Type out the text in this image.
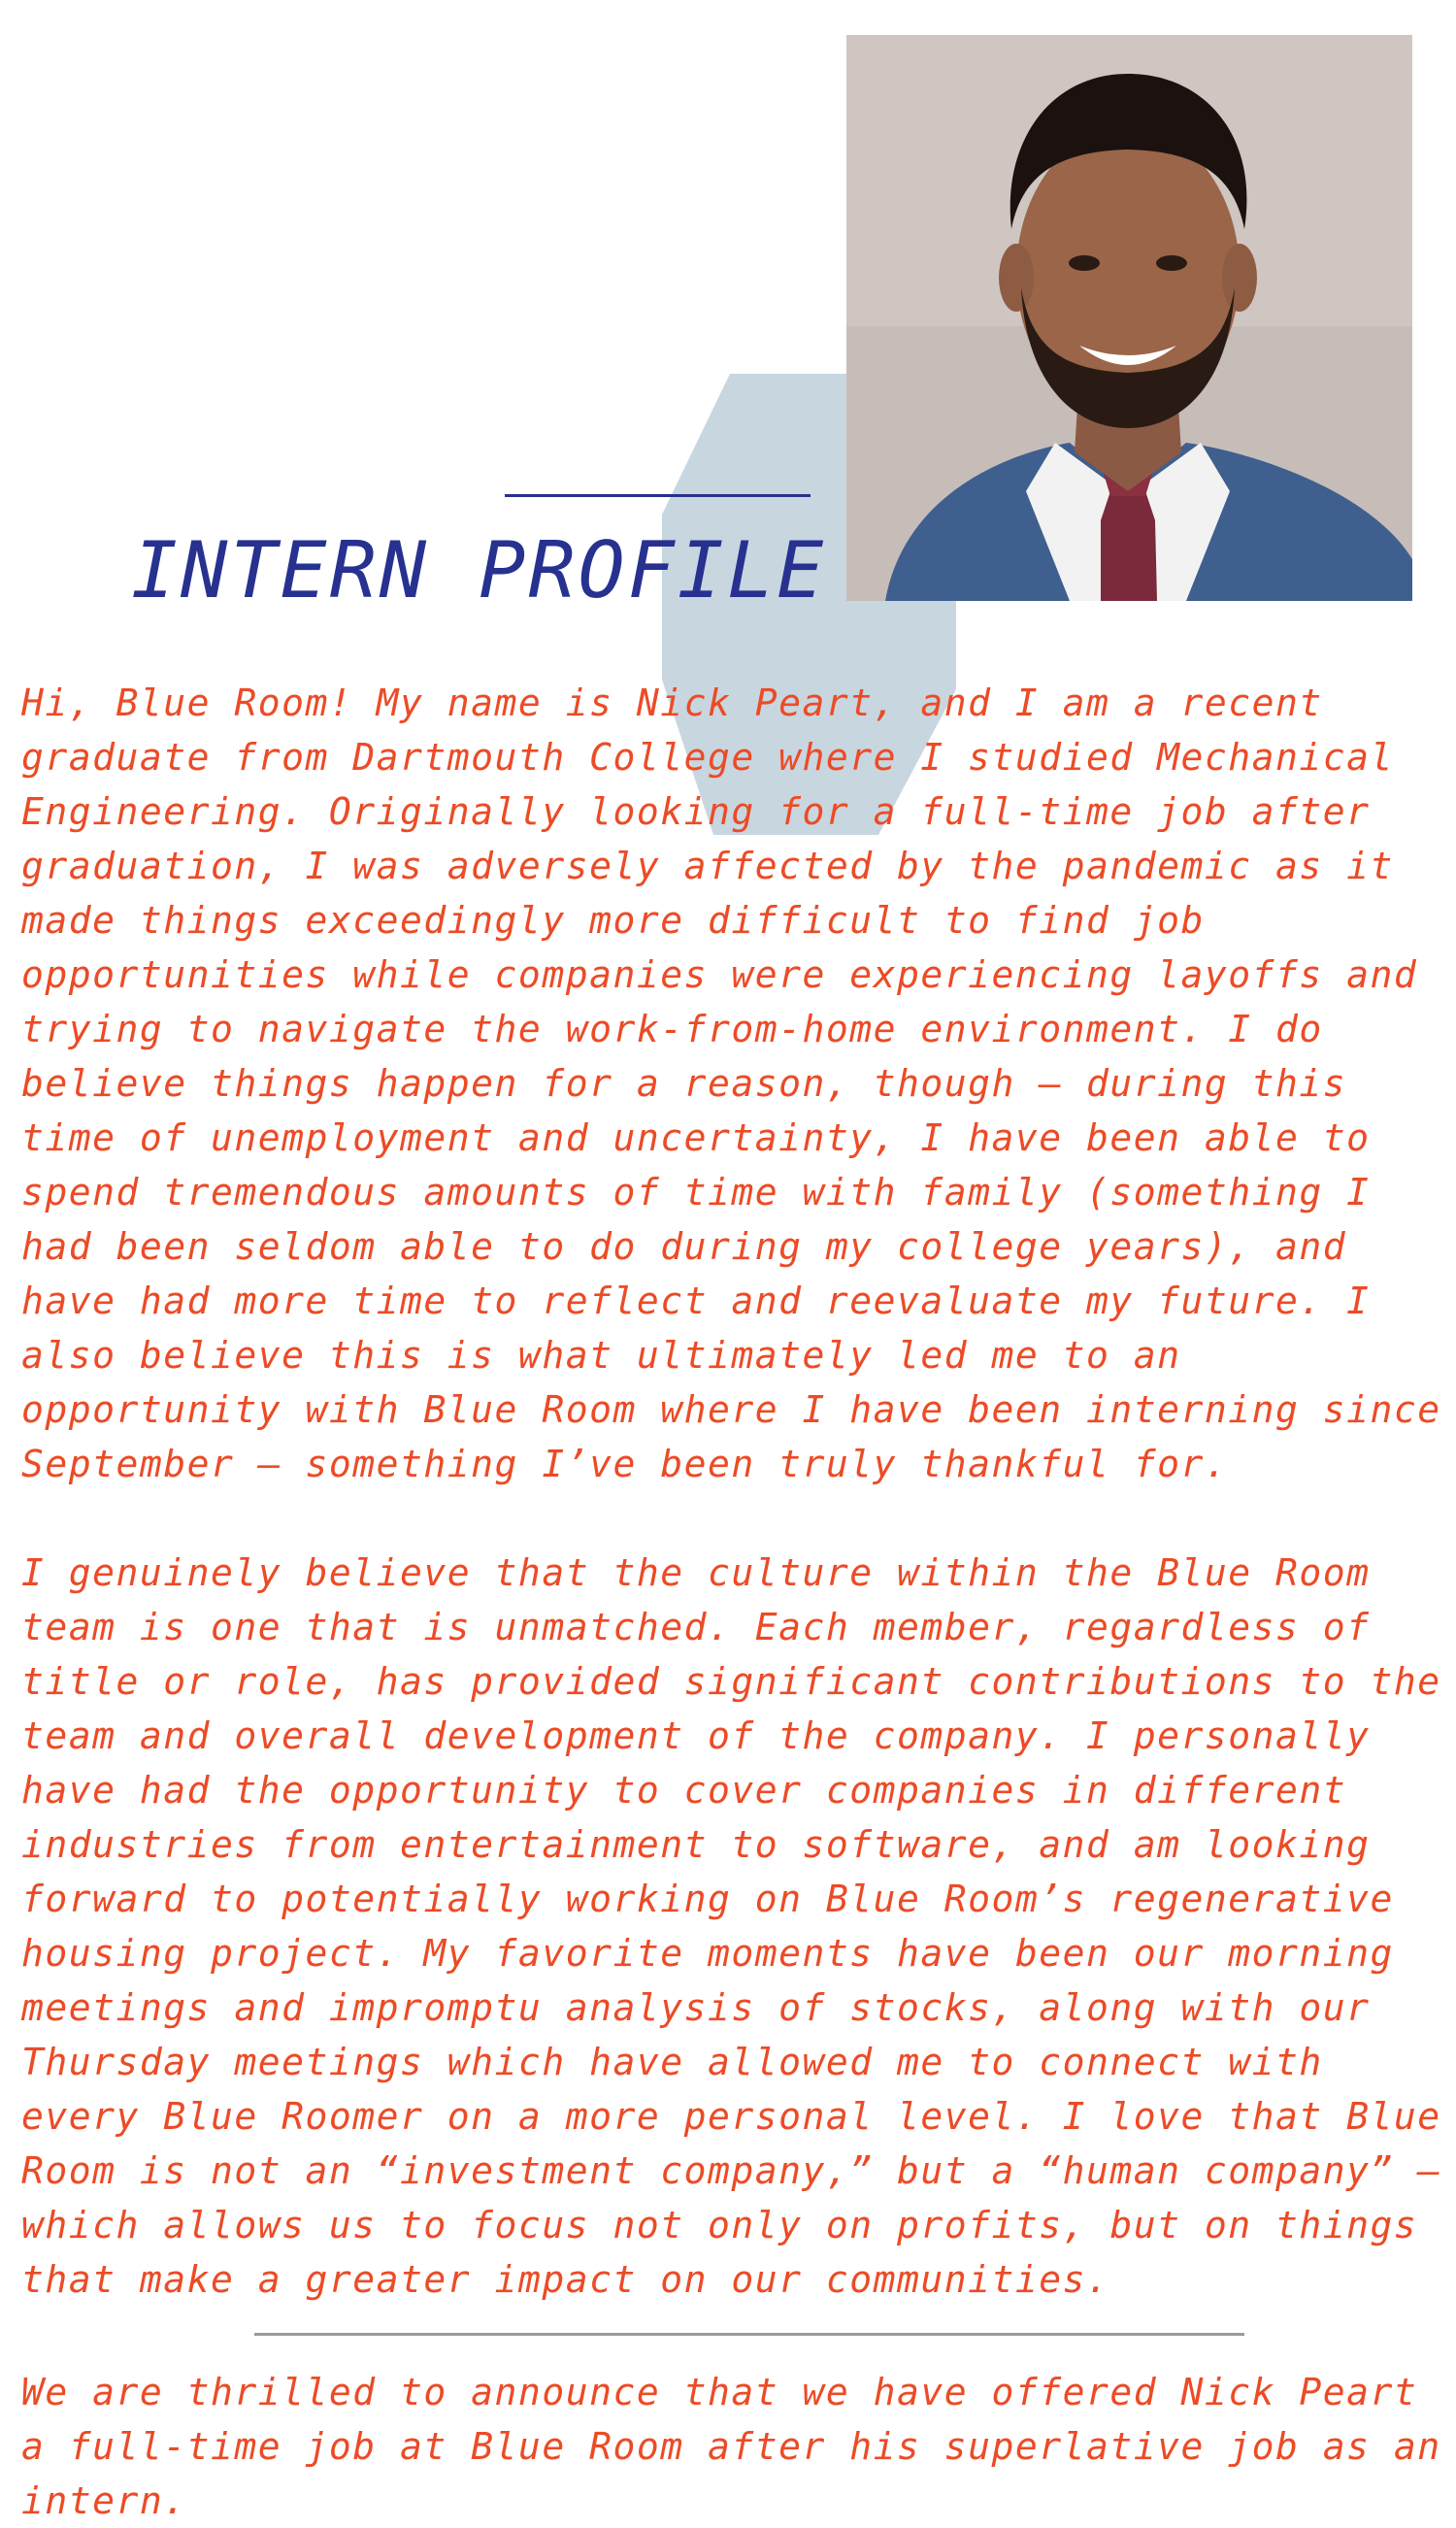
INTERN PROFILE

Hi, Blue Room! My name is Nick Peart, and I am a recent graduate from Dartmouth College where I studied Mechanical Engineering. Originally looking for a full-time job after graduation, I was adversely affected by the pandemic as it made things exceedingly more difficult to find job opportunities while companies were experiencing layoffs and trying to navigate the work-from-home environment. I do believe things happen for a reason, though — during this time of unemployment and uncertainty, I have been able to spend tremendous amounts of time with family (something I had been seldom able to do during my college years), and have had more time to reflect and reevaluate my future. I also believe this is what ultimately led me to an opportunity with Blue Room where I have been interning since September — something I’ve been truly thankful for.

I genuinely believe that the culture within the Blue Room team is one that is unmatched. Each member, regardless of title or role, has provided significant contributions to the team and overall development of the company. I personally have had the opportunity to cover companies in different industries from entertainment to software, and am looking forward to potentially working on Blue Room’s regenerative housing project. My favorite moments have been our morning meetings and impromptu analysis of stocks, along with our Thursday meetings which have allowed me to connect with every Blue Roomer on a more personal level. I love that Blue Room is not an “investment company,” but a “human company” — which allows us to focus not only on profits, but on things that make a greater impact on our communities.

We are thrilled to announce that we have offered Nick Peart a full-time job at Blue Room after his superlative job as an intern.
